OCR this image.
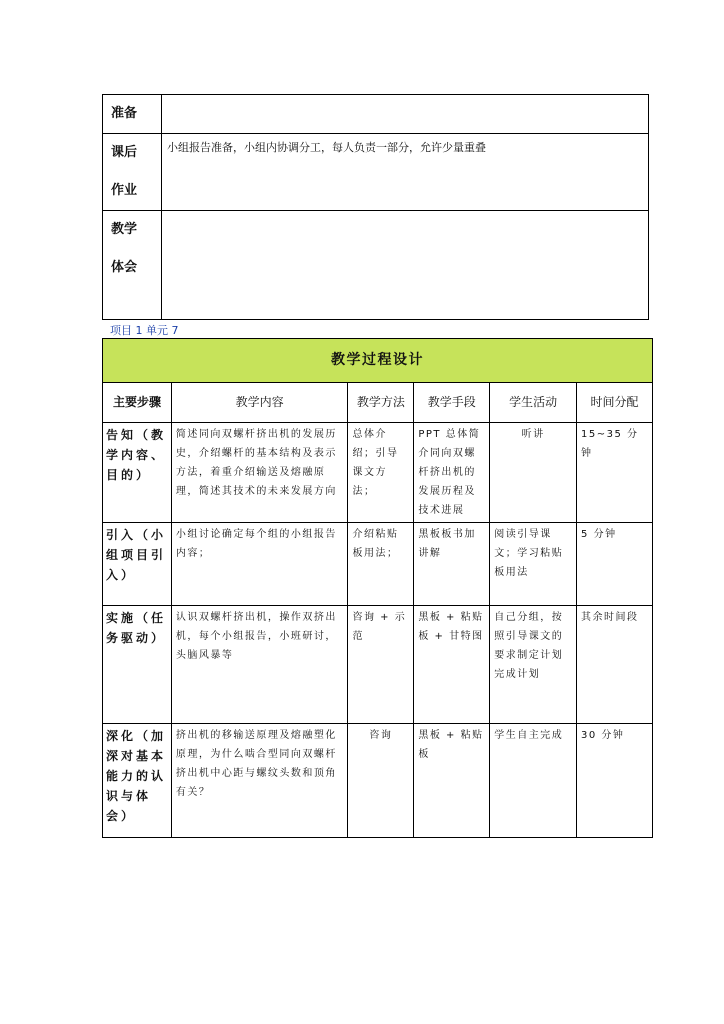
准备	

课后
作业	小组报告准备，小组内协调分工，每人负责一部分，允许少量重叠

教学
体会	

项目 1 单元 7
教学过程设计					
主要步骤	教学内容	教学方法	教学手段	学生活动	时间分配
告知（教学内容、目的）	简述同向双螺杆挤出机的发展历史，介绍螺杆的基本结构及表示方法，着重介绍输送及熔融原理，简述其技术的未来发展方向	总体介绍；引导课文方法；	PPT 总体简介同向双螺杆挤出机的发展历程及技术进展	听讲	15~35 分钟
引入（小组项目引入）	小组讨论确定每个组的小组报告内容；	介绍粘贴板用法；	黑板板书加讲解	阅读引导课文；学习粘贴板用法	5 分钟
实施（任务驱动）	认识双螺杆挤出机，操作双挤出机，每个小组报告，小班研讨，头脑风暴等	咨询 + 示范	黑板 + 粘贴板 + 甘特图	自己分组，按照引导课文的要求制定计划完成计划	其余时间段
深化（加深对基本能力的认识与体会）	挤出机的移输送原理及熔融塑化原理，为什么啮合型同向双螺杆挤出机中心距与螺纹头数和顶角有关？	咨询	黑板 + 粘贴板	学生自主完成	30 分钟
